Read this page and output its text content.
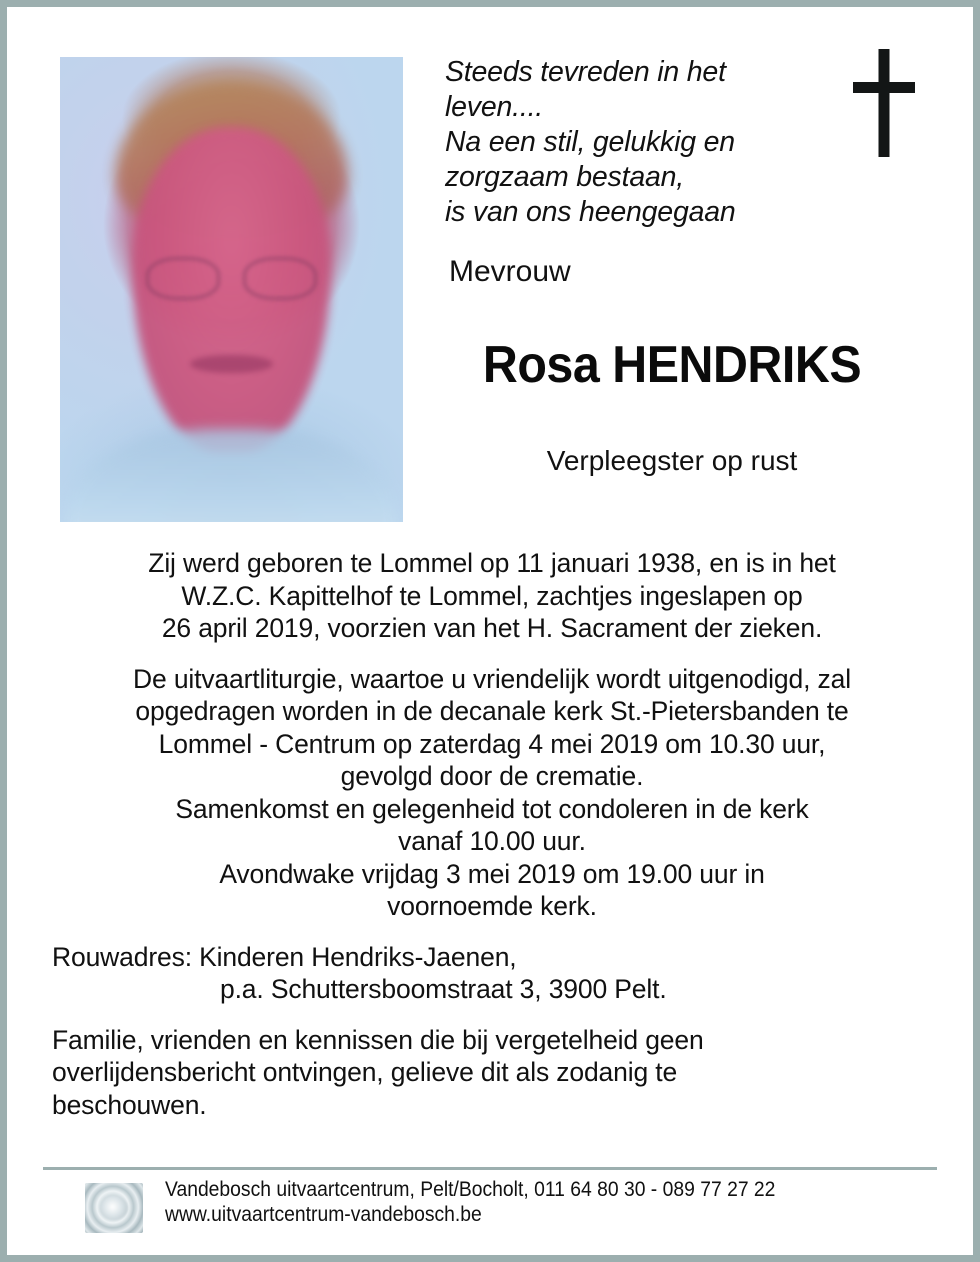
Steeds tevreden in het
leven....
Na een stil, gelukkig en
zorgzaam bestaan,
is van ons heengegaan
Mevrouw
Rosa HENDRIKS
Verpleegster op rust

Zij werd geboren te Lommel op 11 januari 1938, en is in het

W.Z.C. Kapittelhof te Lommel, zachtjes ingeslapen op

26 april 2019, voorzien van het H. Sacrament der zieken.

De uitvaartliturgie, waartoe u vriendelijk wordt uitgenodigd, zal

opgedragen worden in de decanale kerk St.-Pietersbanden te

Lommel - Centrum op zaterdag 4 mei 2019 om 10.30 uur,

gevolgd door de crematie.

Samenkomst en gelegenheid tot condoleren in de kerk

vanaf 10.00 uur.

Avondwake vrijdag 3 mei 2019 om 19.00 uur in

voornoemde kerk.

Rouwadres: Kinderen Hendriks-Jaenen,

p.a. Schuttersboomstraat 3, 3900 Pelt.

Familie, vrienden en kennissen die bij vergetelheid geen

overlijdensbericht ontvingen, gelieve dit als zodanig te

beschouwen.

Vandebosch uitvaartcentrum, Pelt/Bocholt, 011 64 80 30 - 089 77 27 22
www.uitvaartcentrum-vandebosch.be
